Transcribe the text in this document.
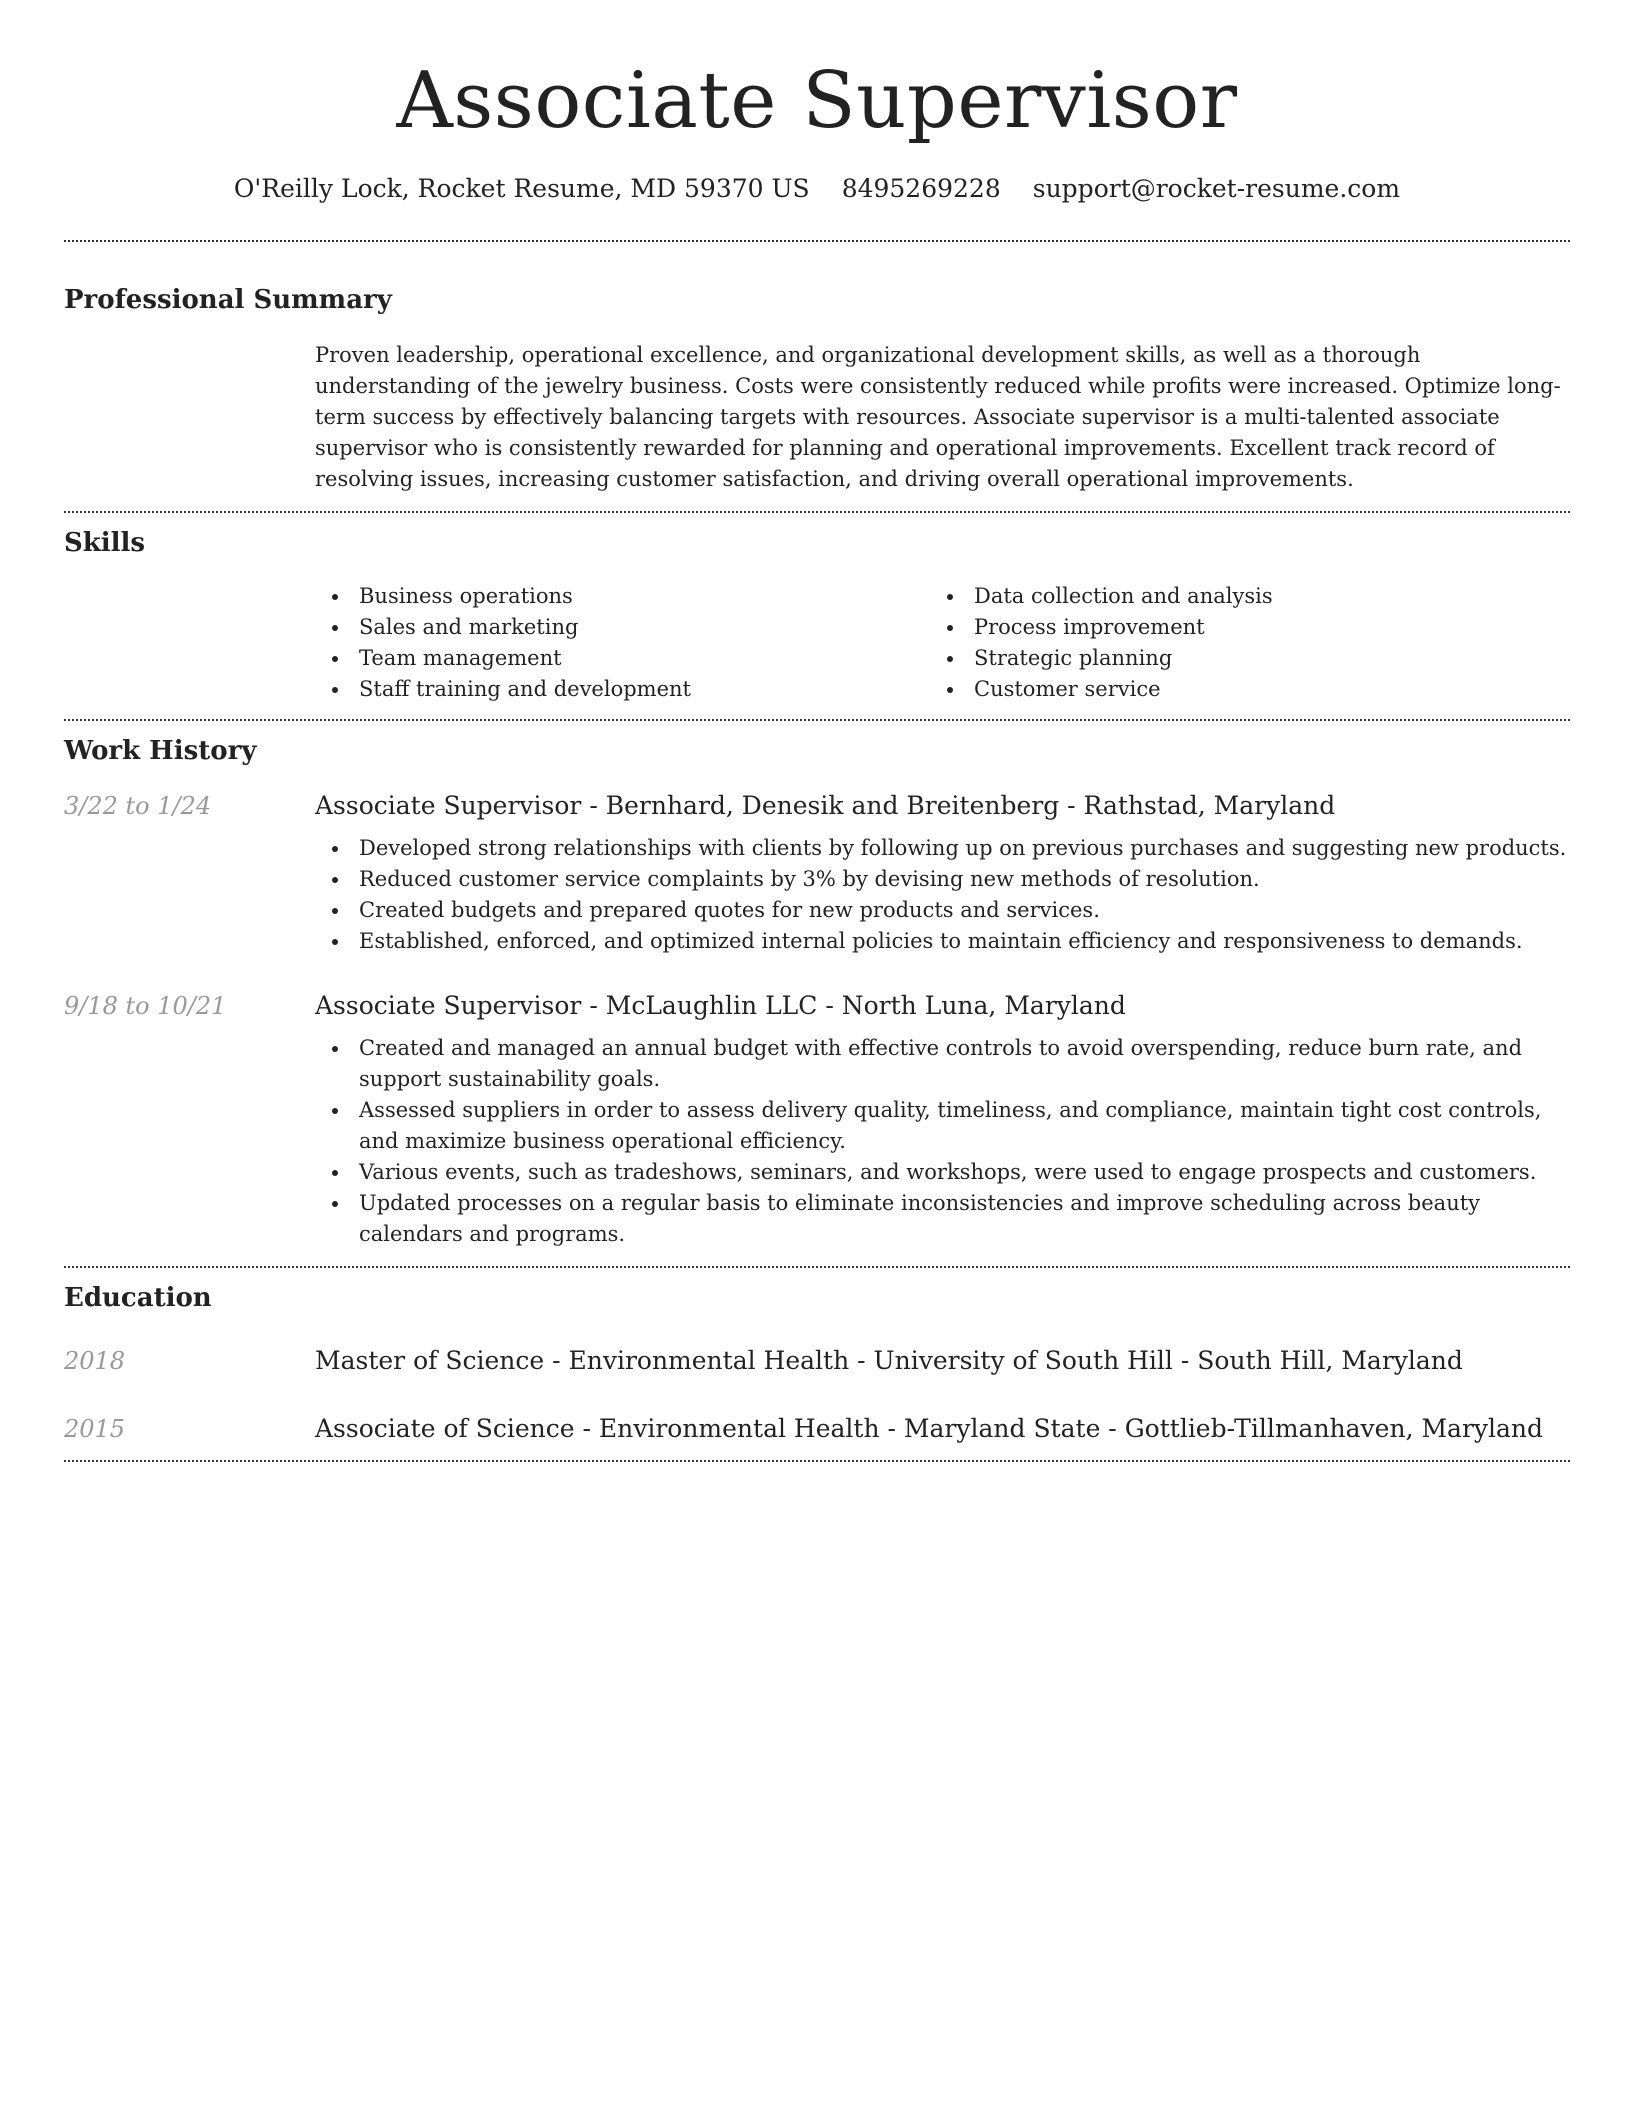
Associate Supervisor
O'Reilly Lock, Rocket Resume, MD 59370 US 8495269228 support@rocket-resume.com
Professional Summary

Proven leadership, operational excellence, and organizational development skills, as well as a thorough understanding of the jewelry business. Costs were consistently reduced while profits were increased. Optimize long-term success by effectively balancing targets with resources. Associate supervisor is a multi-talented associate supervisor who is consistently rewarded for planning and operational improvements. Excellent track record of resolving issues, increasing customer satisfaction, and driving overall operational improvements.

Skills
Business operations
Sales and marketing
Team management
Staff training and development
Data collection and analysis
Process improvement
Strategic planning
Customer service
Work History
3/22 to 1/24	Associate Supervisor - Bernhard, Denesik and Breitenberg - Rathstad, Maryland
Developed strong relationships with clients by following up on previous purchases and suggesting new products.
Reduced customer service complaints by 3% by devising new methods of resolution.
Created budgets and prepared quotes for new products and services.
Established, enforced, and optimized internal policies to maintain efficiency and responsiveness to demands.
9/18 to 10/21	Associate Supervisor - McLaughlin LLC - North Luna, Maryland
Created and managed an annual budget with effective controls to avoid overspending, reduce burn rate, and support sustainability goals.
Assessed suppliers in order to assess delivery quality, timeliness, and compliance, maintain tight cost controls, and maximize business operational efficiency.
Various events, such as tradeshows, seminars, and workshops, were used to engage prospects and customers.
Updated processes on a regular basis to eliminate inconsistencies and improve scheduling across beauty calendars and programs.
Education
2018	Master of Science - Environmental Health - University of South Hill - South Hill, Maryland
2015	Associate of Science - Environmental Health - Maryland State - Gottlieb-Tillmanhaven, Maryland
